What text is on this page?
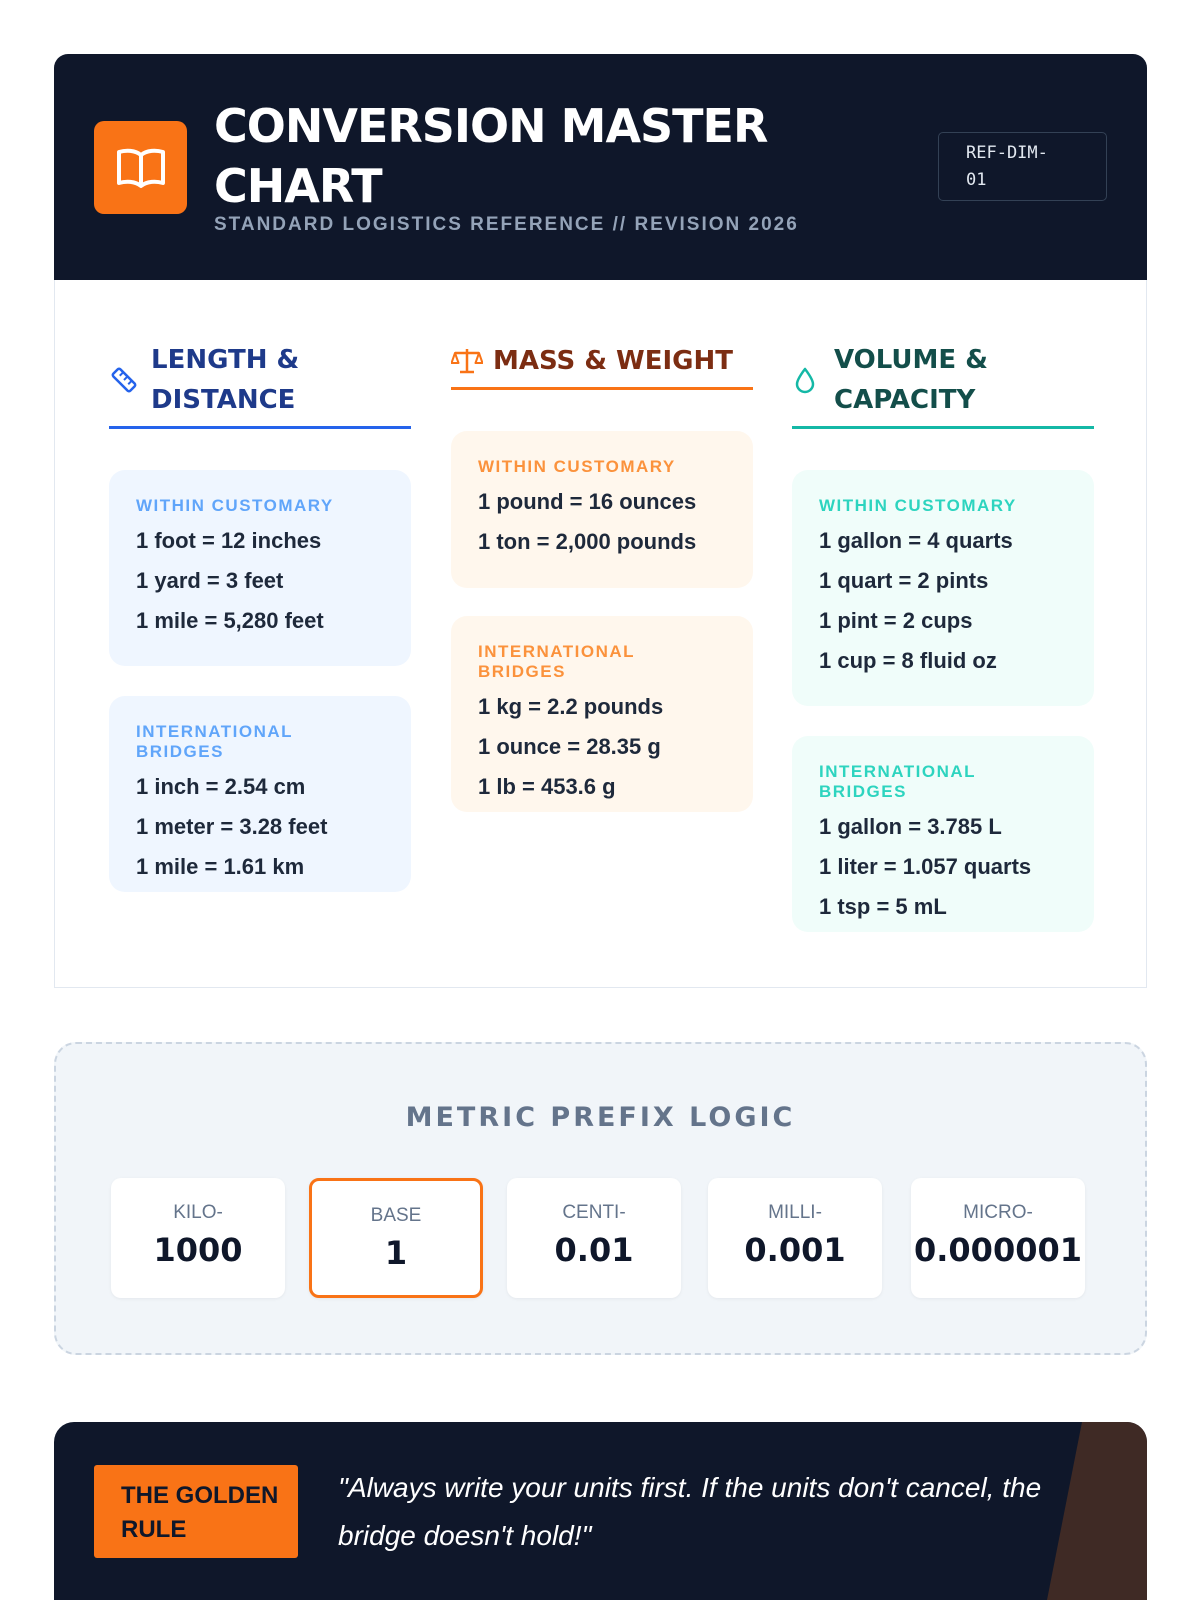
CONVERSION MASTER CHART
STANDARD LOGISTICS REFERENCE // REVISION 2026
REF-DIM-
01
LENGTH &
DISTANCE
WITHIN CUSTOMARY
1 foot = 12 inches
1 yard = 3 feet
1 mile = 5,280 feet
INTERNATIONAL BRIDGES
1 inch = 2.54 cm
1 meter = 3.28 feet
1 mile = 1.61 km
MASS & WEIGHT
WITHIN CUSTOMARY
1 pound = 16 ounces
1 ton = 2,000 pounds
INTERNATIONAL BRIDGES
1 kg = 2.2 pounds
1 ounce = 28.35 g
1 lb = 453.6 g
VOLUME &
CAPACITY
WITHIN CUSTOMARY
1 gallon = 4 quarts
1 quart = 2 pints
1 pint = 2 cups
1 cup = 8 fluid oz
INTERNATIONAL BRIDGES
1 gallon = 3.785 L
1 liter = 1.057 quarts
1 tsp = 5 mL
METRIC PREFIX LOGIC
KILO-
1000
BASE
1
CENTI-
0.01
MILLI-
0.001
MICRO-
0.000001
THE GOLDEN
RULE
"Always write your units first. If the units don't cancel, the
bridge doesn't hold!"
